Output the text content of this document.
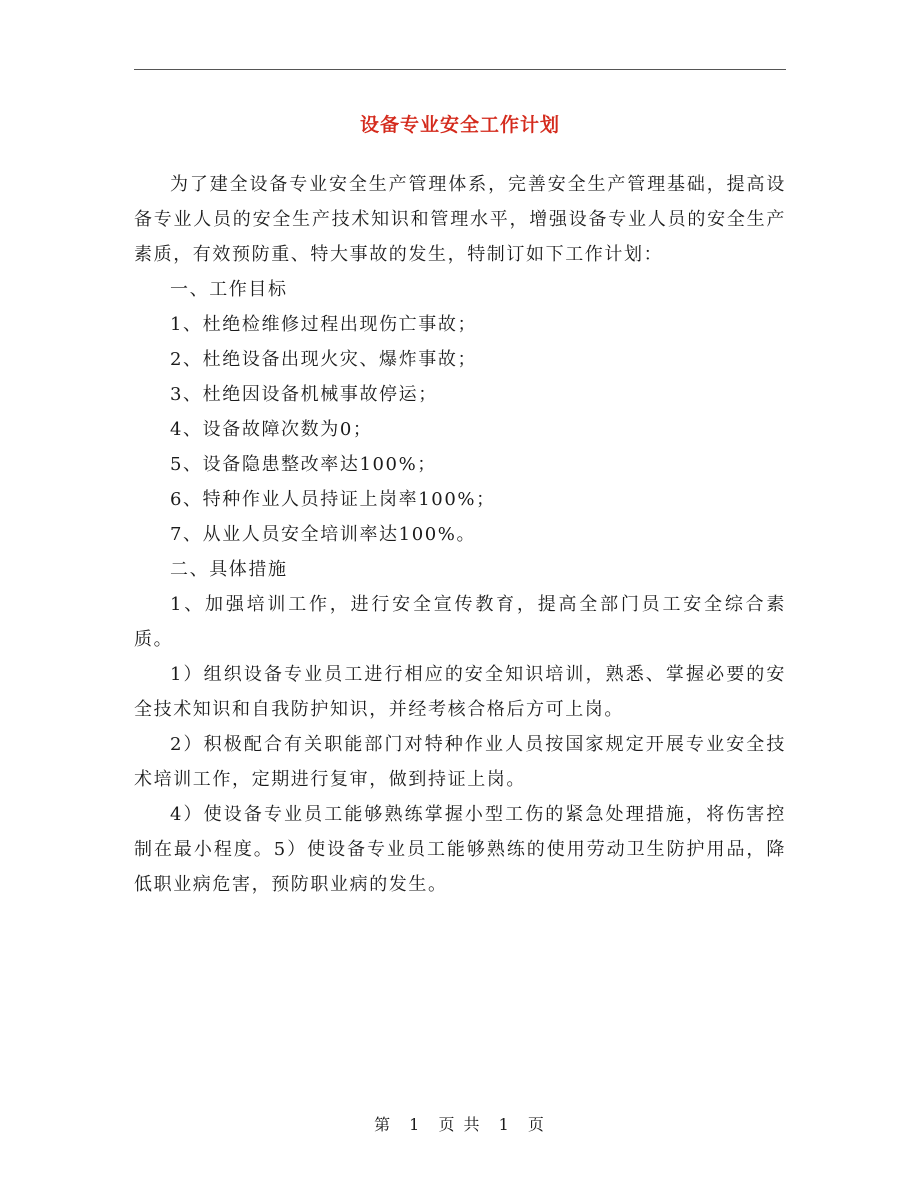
设备专业安全工作计划

为了建全设备专业安全生产管理体系，完善安全生产管理基础，提高设备专业人员的安全生产技术知识和管理水平，增强设备专业人员的安全生产素质，有效预防重、特大事故的发生，特制订如下工作计划：

一、工作目标

1、杜绝检维修过程出现伤亡事故；

2、杜绝设备出现火灾、爆炸事故；

3、杜绝因设备机械事故停运；

4、设备故障次数为0；

5、设备隐患整改率达100%；

6、特种作业人员持证上岗率100%；

7、从业人员安全培训率达100%。

二、具体措施

1、加强培训工作，进行安全宣传教育，提高全部门员工安全综合素质。

1）组织设备专业员工进行相应的安全知识培训，熟悉、掌握必要的安全技术知识和自我防护知识，并经考核合格后方可上岗。

2）积极配合有关职能部门对特种作业人员按国家规定开展专业安全技术培训工作，定期进行复审，做到持证上岗。

4）使设备专业员工能够熟练掌握小型工伤的紧急处理措施，将伤害控制在最小程度。5）使设备专业员工能够熟练的使用劳动卫生防护用品，降低职业病危害，预防职业病的发生。

第 1 页 共 1 页
